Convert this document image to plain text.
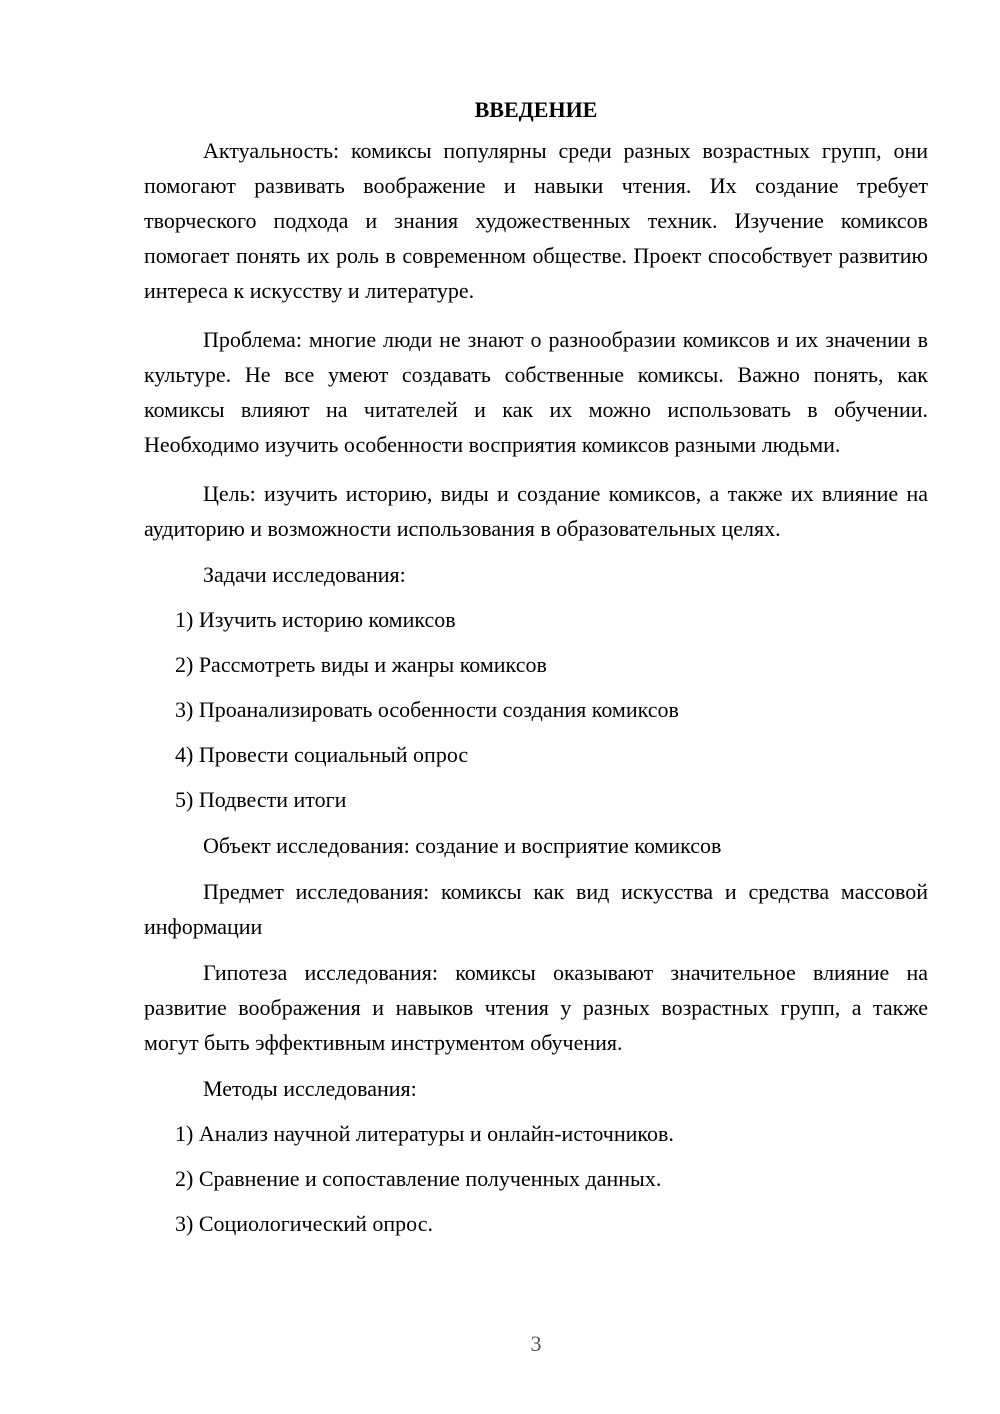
ВВЕДЕНИЕ

Актуальность: комиксы популярны среди разных возрастных групп, они помогают развивать воображение и навыки чтения. Их создание требует творческого подхода и знания художественных техник. Изучение комиксов помогает понять их роль в современном обществе. Проект способствует развитию интереса к искусству и литературе.

Проблема: многие люди не знают о разнообразии комиксов и их значении в культуре. Не все умеют создавать собственные комиксы. Важно понять, как комиксы влияют на читателей и как их можно использовать в обучении. Необходимо изучить особенности восприятия комиксов разными людьми.

Цель: изучить историю, виды и создание комиксов, а также их влияние на аудиторию и возможности использования в образовательных целях.

Задачи исследования:

1) Изучить историю комиксов

2) Рассмотреть виды и жанры комиксов

3) Проанализировать особенности создания комиксов

4) Провести социальный опрос

5) Подвести итоги

Объект исследования: создание и восприятие комиксов

Предмет исследования: комиксы как вид искусства и средства массовой информации

Гипотеза исследования: комиксы оказывают значительное влияние на развитие воображения и навыков чтения у разных возрастных групп, а также могут быть эффективным инструментом обучения.

Методы исследования:

1) Анализ научной литературы и онлайн-источников.

2) Сравнение и сопоставление полученных данных.

3) Социологический опрос.

3
